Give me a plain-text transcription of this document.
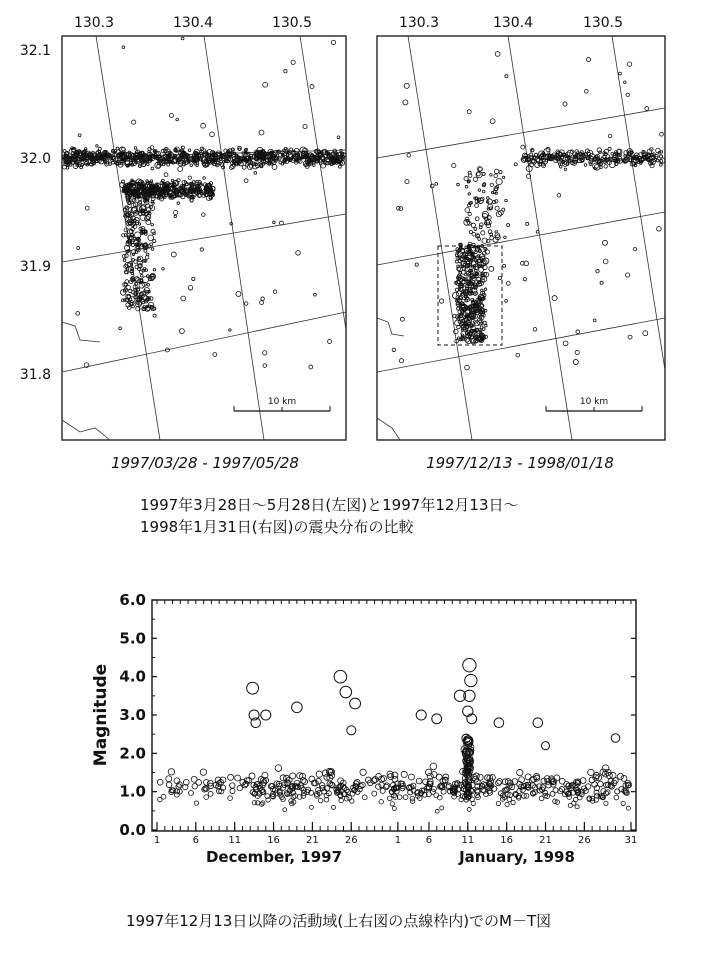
130.3	130.4	130.5
32.1
32.0
31.9
31.8
10 km
1997/03/28 - 1997/05/28
130.3	130.4	130.5
10 km
1997/12/13 - 1998/01/18
1997年3月28日〜5月28日(左図)と1997年12月13日〜
1998年1月31日(右図)の震央分布の比較
0.0
1.0
2.0
3.0
4.0
5.0
6.0
1	6	11	16	21	26	1 6	11	16	21	26	31
Magnitude
December, 1997	January, 1998
1997年12月13日以降の活動域(上右図の点線枠内)でのM－T図
